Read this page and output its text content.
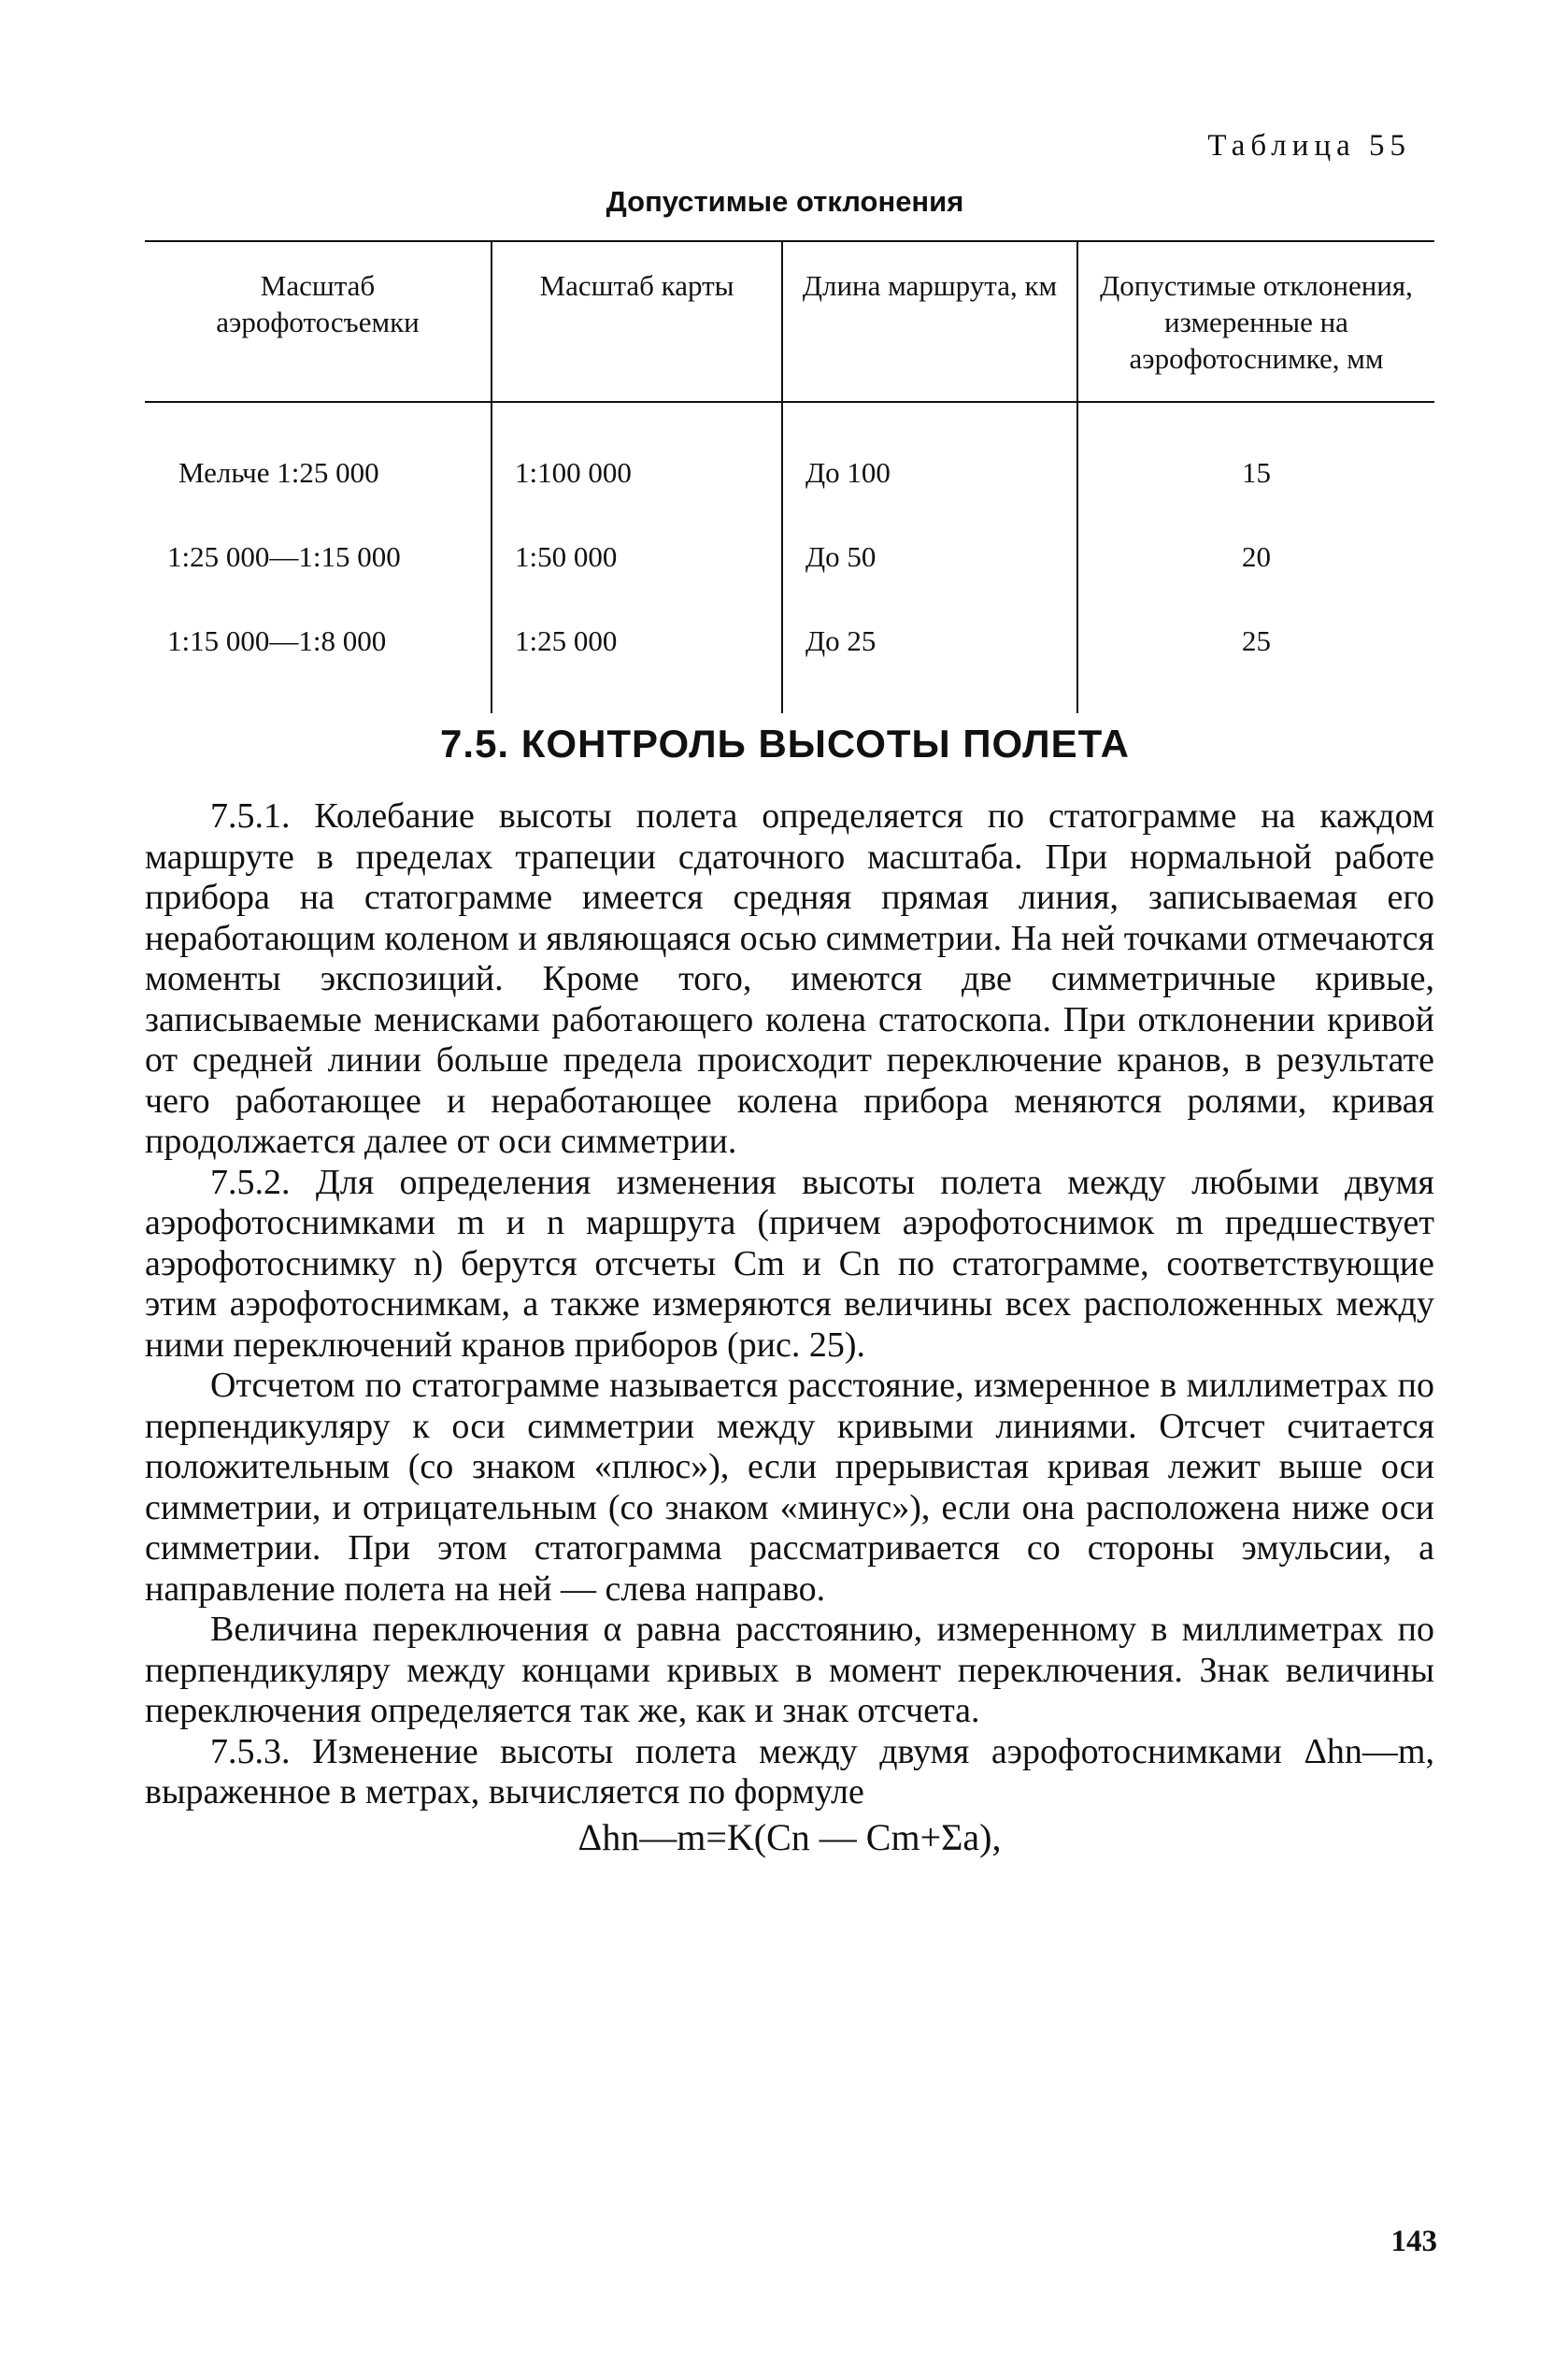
Таблица 55
Допустимые отклонения
Масштаб аэрофотосъемки	Масштаб карты	Длина маршрута, км	Допустимые отклонения, измеренные на аэрофотоснимке, мм
Мельче 1:25 000	1:100 000	До 100	15
1:25 000—1:15 000	1:50 000	До 50	20
1:15 000—1:8 000	1:25 000	До 25	25
7.5. КОНТРОЛЬ ВЫСОТЫ ПОЛЕТА

7.5.1. Колебание высоты полета определяется по статограмме на каждом маршруте в пределах трапеции сдаточного масштаба. При нормальной работе прибора на статограмме имеется средняя прямая линия, записываемая его неработающим коленом и являющаяся осью симметрии. На ней точками отмечаются моменты экспозиций. Кроме того, имеются две симметричные кривые, записываемые менисками работающего колена статоскопа. При отклонении кривой от средней линии больше предела происходит переключение кранов, в результате чего работающее и неработающее колена прибора меняются ролями, кривая продолжается далее от оси симметрии.

7.5.2. Для определения изменения высоты полета между любыми двумя аэрофотоснимками m и n маршрута (причем аэрофотоснимок m предшествует аэрофотоснимку n) берутся отсчеты Cm и Cn по статограмме, соответствующие этим аэрофотоснимкам, а также измеряются величины всех расположенных между ними переключений кранов приборов (рис. 25).

Отсчетом по статограмме называется расстояние, измеренное в миллиметрах по перпендикуляру к оси симметрии между кривыми линиями. Отсчет считается положительным (со знаком «плюс»), если прерывистая кривая лежит выше оси симметрии, и отрицательным (со знаком «минус»), если она расположена ниже оси симметрии. При этом статограмма рассматривается со стороны эмульсии, а направление полета на ней — слева направо.

Величина переключения α равна расстоянию, измеренному в миллиметрах по перпендикуляру между концами кривых в момент переключения. Знак величины переключения определяется так же, как и знак отсчета.

7.5.3. Изменение высоты полета между двумя аэрофотоснимками Δhn—m, выраженное в метрах, вычисляется по формуле

Δhn—m=K(Cn — Cm+Σa),
143
